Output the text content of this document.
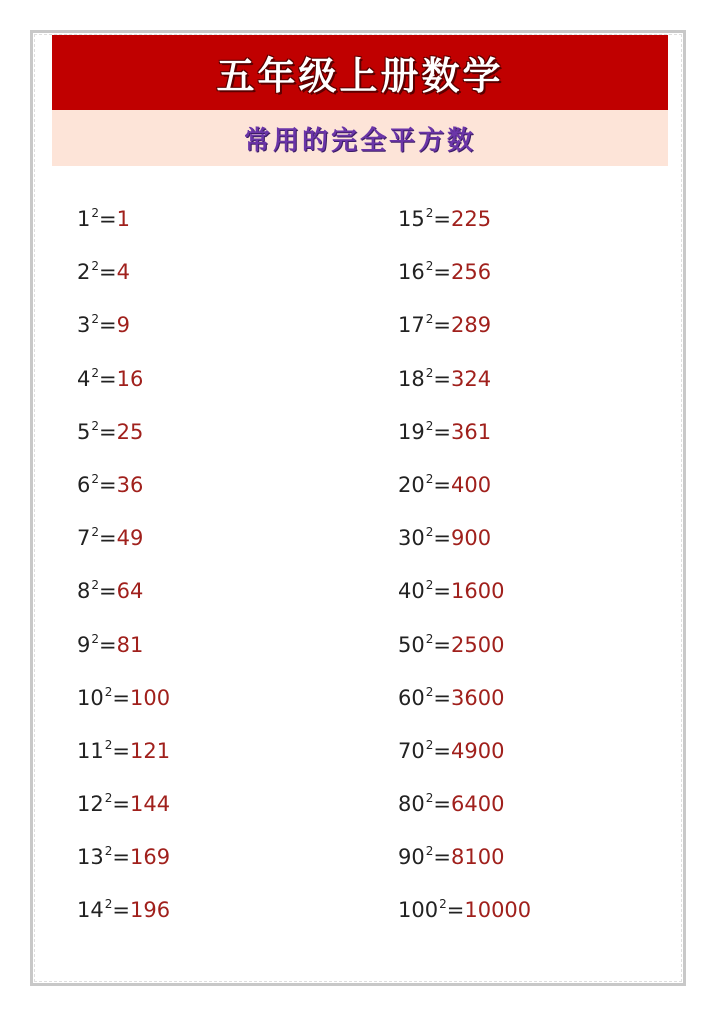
五年级上册数学
常用的完全平方数
$1^2=1$
$2^2=4$
$3^2=9$
$4^2=16$
$5^2=25$
$6^2=36$
$7^2=49$
$8^2=64$
$9^2=81$
$10^2=100$
$11^2=121$
$12^2=144$
$13^2=169$
$14^2=196$
$15^2=225$
$16^2=256$
$17^2=289$
$18^2=324$
$19^2=361$
$20^2=400$
$30^2=900$
$40^2=1600$
$50^2=2500$
$60^2=3600$
$70^2=4900$
$80^2=6400$
$90^2=8100$
$100^2=10000$
